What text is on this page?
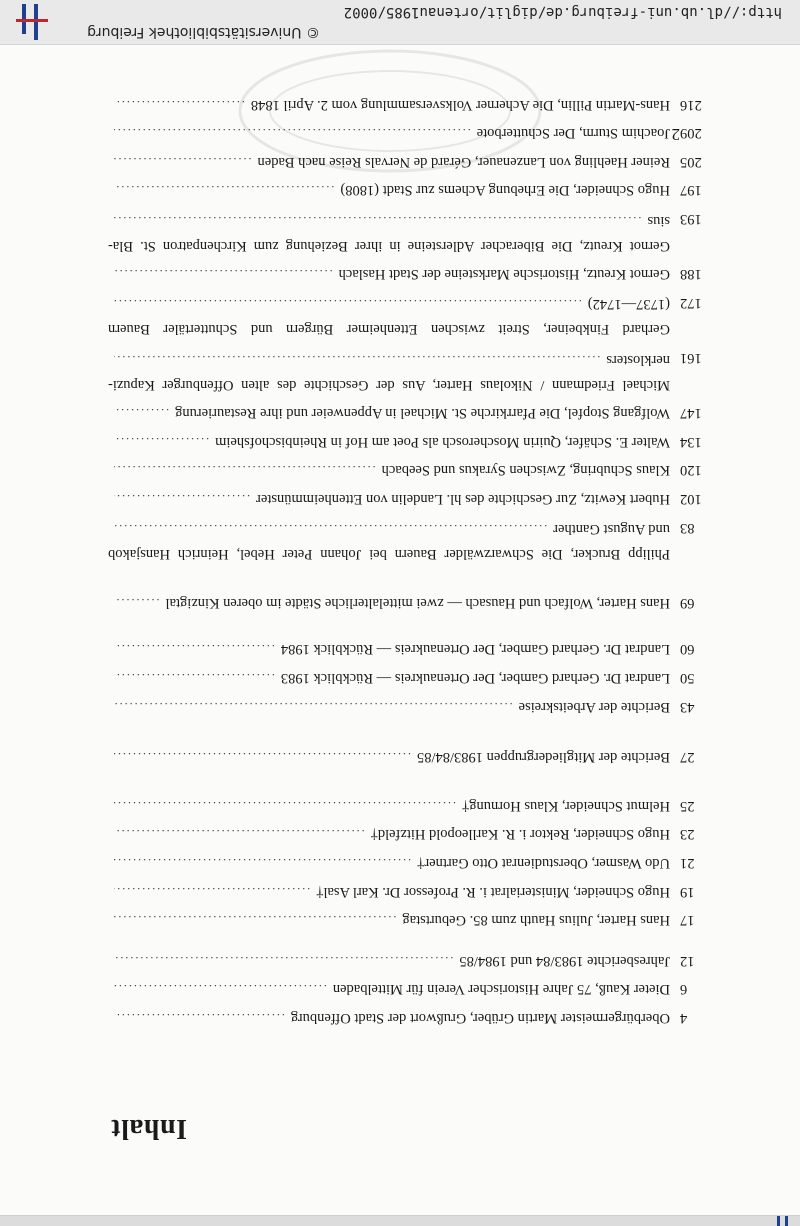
Inhalt
Oberbürgermeister Martin Grüber, Grußwort der Stadt Offenburg ..... 4
Dieter Kauß, 75 Jahre Historischer Verein für Mittelbaden ..... 6
Jahresberichte 1983/84 und 1984/85 ..... 12
Hans Harter, Julius Hauth zum 85. Geburtstag ..... 17
Hugo Schneider, Ministerialrat i. R. Professor Dr. Karl Asal† ..... 19
Udo Wasmer, Oberstudienrat Otto Gartner† ..... 21
Hugo Schneider, Rektor i. R. Karlleopold Hitzfeld† ..... 23
Helmut Schneider, Klaus Hornung† ..... 25
Berichte der Mitgliedergruppen 1983/84/85 ..... 27
Berichte der Arbeitskreise ..... 43
Landrat Dr. Gerhard Gamber, Der Ortenaukreis — Rückblick 1983 ..... 50
Landrat Dr. Gerhard Gamber, Der Ortenaukreis — Rückblick 1984 ..... 60
Hans Harter, Wolfach und Hausach — zwei mittelalterliche Städte im oberen Kinzigtal ..... 69
Philipp Brucker, Die Schwarzwälder Bauern bei Johann Peter Hebel, Heinrich Hansjakob
und August Ganther ..... 83
Hubert Kewitz, Zur Geschichte des hl. Landelin von Ettenheimmünster ..... 102
Klaus Schubring, Zwischen Syrakus und Seebach ..... 120
Walter E. Schäfer, Quirin Moscherosch als Poet am Hof in Rheinbischofsheim ..... 134
Wolfgang Stopfel, Die Pfarrkirche St. Michael in Appenweier und ihre Restaurierung ..... 147
Michael Friedmann / Nikolaus Harter, Aus der Geschichte des alten Offenburger Kapuzi-
nerklosters ..... 161
Gerhard Finkbeiner, Streit zwischen Ettenheimer Bürgern und Schuttertäler Bauern
(1737—1742) ..... 172
Gernot Kreutz, Historische Marksteine der Stadt Haslach ..... 188
Gernot Kreutz, Die Biberacher Adlersteine in ihrer Beziehung zum Kirchenpatron St. Bla-
sius ..... 193
Hugo Schneider, Die Erhebung Achems zur Stadt (1808) ..... 197
Reiner Haehling von Lanzenauer, Gérard de Nervals Reise nach Baden ..... 205
Joachim Sturm, Der Schutterbote ..... 209
Hans-Martin Pillin, Die Acherner Volksversammlung vom 2. April 1848 ..... 216
2
http://dl.ub.uni-freiburg.de/diglit/ortenau1985/0002
© Universitätsbibliothek Freiburg
